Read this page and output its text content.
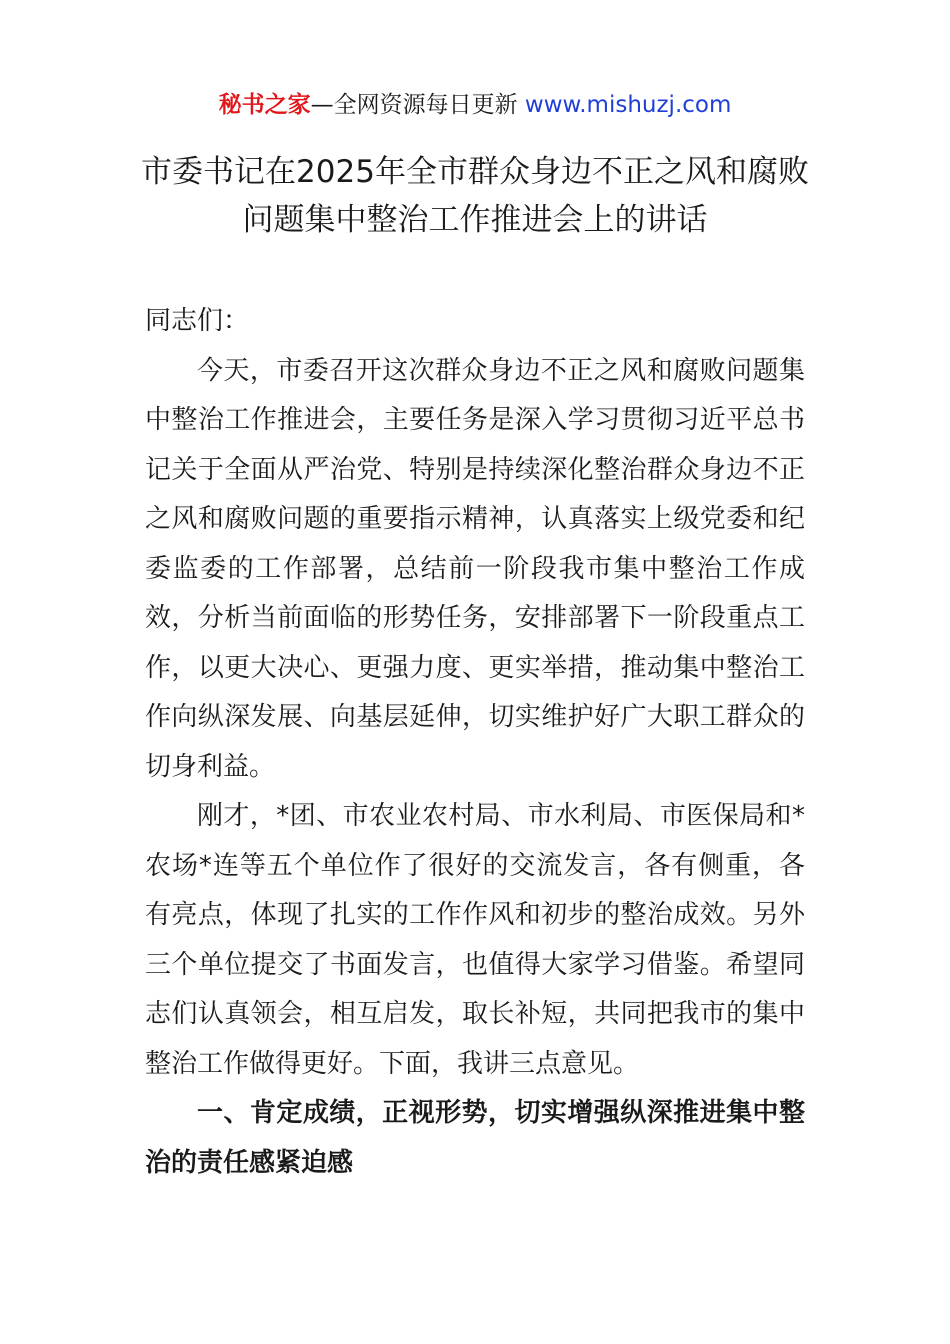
秘书之家—全网资源每日更新 www.mishuzj.com
市委书记在2025年全市群众身边不正之风和腐败问题集中整治工作推进会上的讲话

同志们：

今天，市委召开这次群众身边不正之风和腐败问题集中整治工作推进会，主要任务是深入学习贯彻习近平总书记关于全面从严治党、特别是持续深化整治群众身边不正之风和腐败问题的重要指示精神，认真落实上级党委和纪委监委的工作部署，总结前一阶段我市集中整治工作成效，分析当前面临的形势任务，安排部署下一阶段重点工作，以更大决心、更强力度、更实举措，推动集中整治工作向纵深发展、向基层延伸，切实维护好广大职工群众的切身利益。

刚才，*团、市农业农村局、市水利局、市医保局和*农场*连等五个单位作了很好的交流发言，各有侧重，各有亮点，体现了扎实的工作作风和初步的整治成效。另外三个单位提交了书面发言，也值得大家学习借鉴。希望同志们认真领会，相互启发，取长补短，共同把我市的集中整治工作做得更好。下面，我讲三点意见。

一、肯定成绩，正视形势，切实增强纵深推进集中整治的责任感紧迫感
